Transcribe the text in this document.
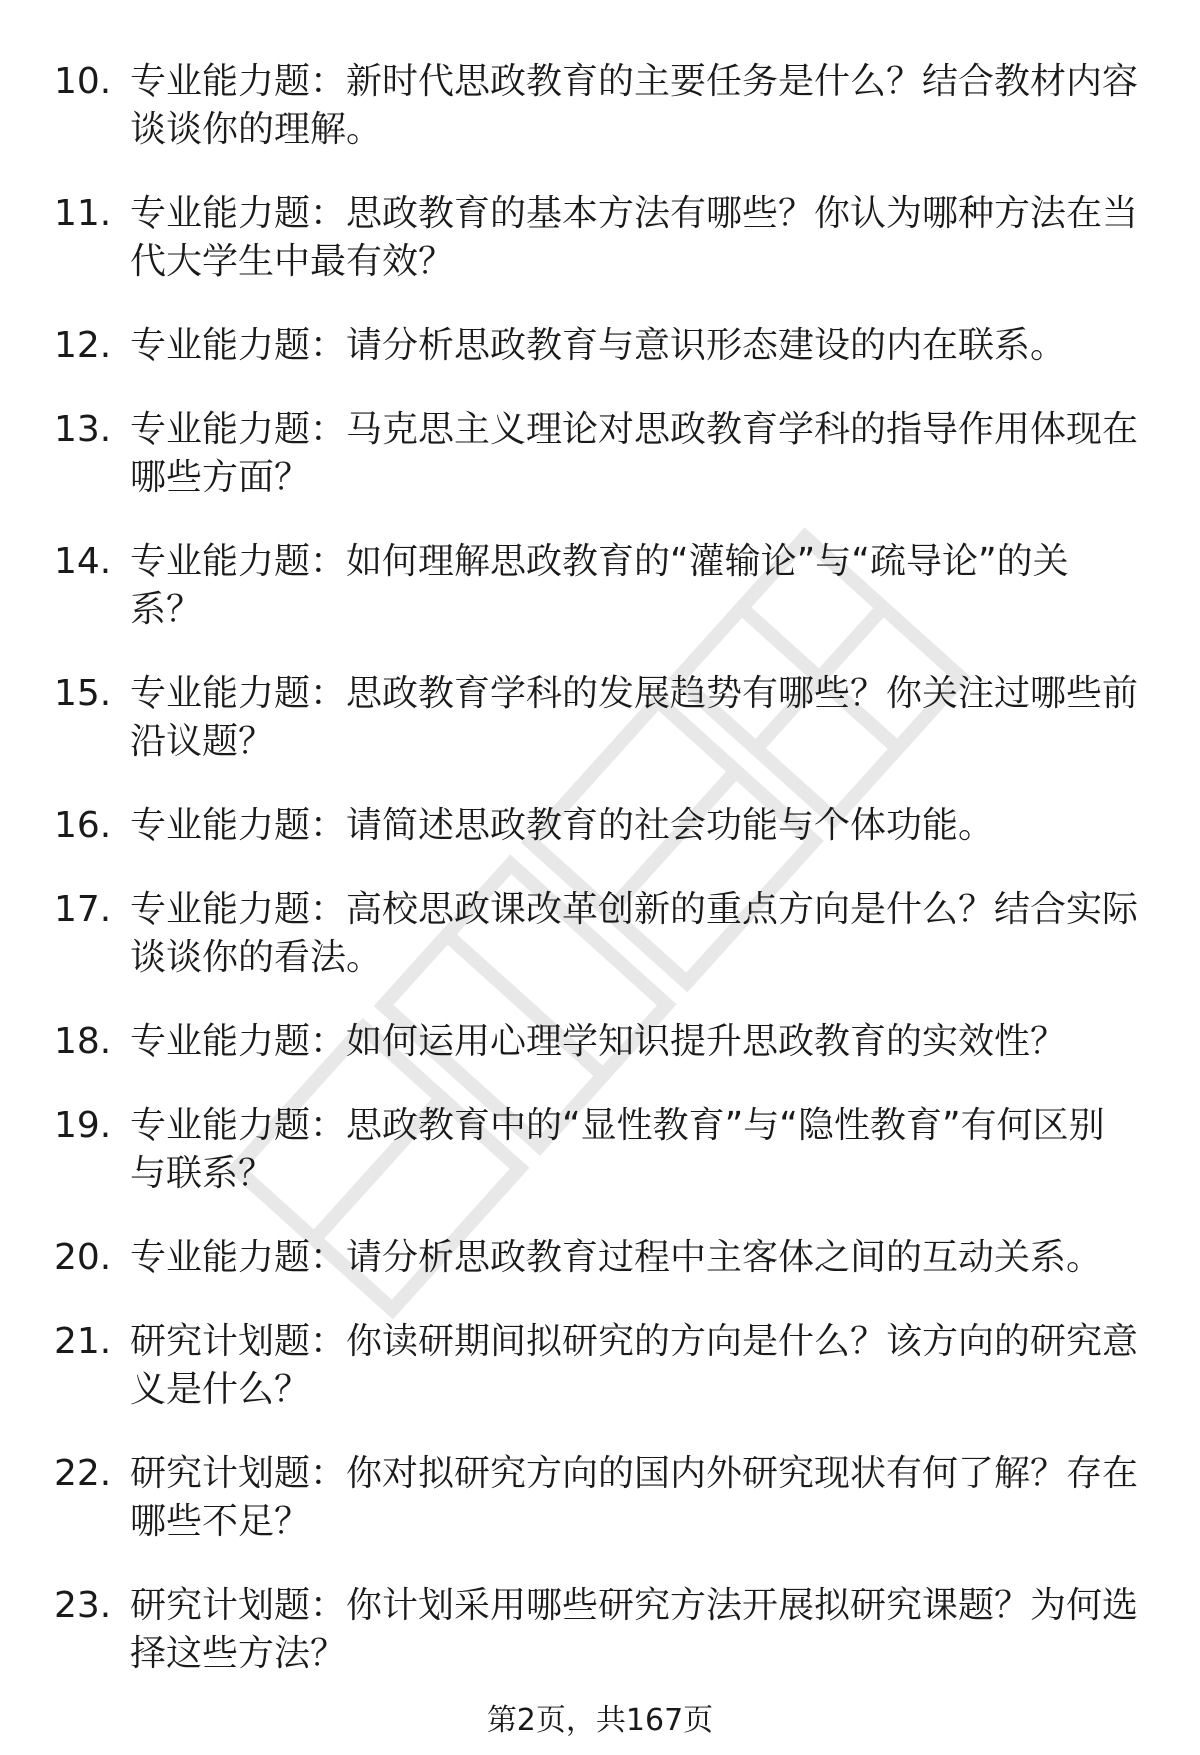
10. 专业能力题：新时代思政教育的主要任务是什么？结合教材内容谈谈你的理解。
11. 专业能力题：思政教育的基本方法有哪些？你认为哪种方法在当代大学生中最有效？
12. 专业能力题：请分析思政教育与意识形态建设的内在联系。
13. 专业能力题：马克思主义理论对思政教育学科的指导作用体现在哪些方面？
14. 专业能力题：如何理解思政教育的“灌输论”与“疏导论”的关系？
15. 专业能力题：思政教育学科的发展趋势有哪些？你关注过哪些前沿议题？
16. 专业能力题：请简述思政教育的社会功能与个体功能。
17. 专业能力题：高校思政课改革创新的重点方向是什么？结合实际谈谈你的看法。
18. 专业能力题：如何运用心理学知识提升思政教育的实效性？
19. 专业能力题：思政教育中的“显性教育”与“隐性教育”有何区别与联系？
20. 专业能力题：请分析思政教育过程中主客体之间的互动关系。
21. 研究计划题：你读研期间拟研究的方向是什么？该方向的研究意义是什么？
22. 研究计划题：你对拟研究方向的国内外研究现状有何了解？存在哪些不足？
23. 研究计划题：你计划采用哪些研究方法开展拟研究课题？为何选择这些方法？
第2页，共167页
